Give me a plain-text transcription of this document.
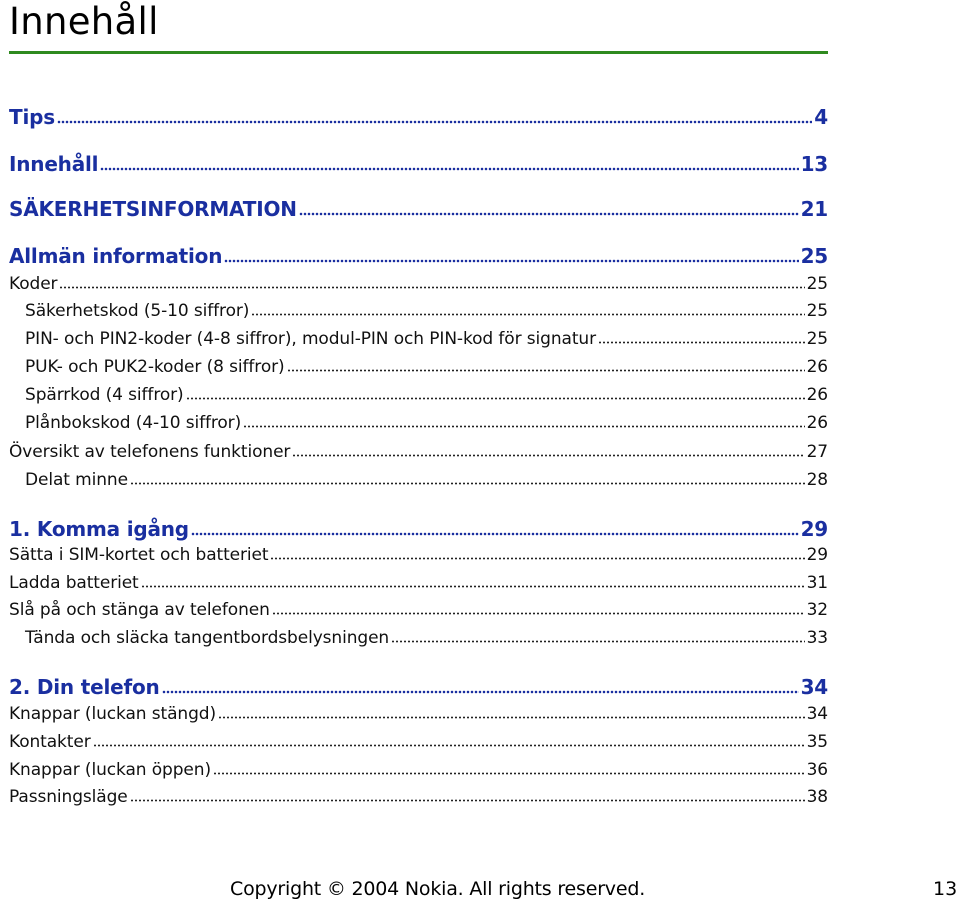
Innehåll
Tips	4
Innehåll	13
SÄKERHETSINFORMATION	21
Allmän information	25
Koder	25
Säkerhetskod (5-10 siffror)	25
PIN- och PIN2-koder (4-8 siffror), modul-PIN och PIN-kod för signatur	25
PUK- och PUK2-koder (8 siffror)	26
Spärrkod (4 siffror)	26
Plånbokskod (4-10 siffror)	26
Översikt av telefonens funktioner	27
Delat minne	28
1. Komma igång	29
Sätta i SIM-kortet och batteriet	29
Ladda batteriet	31
Slå på och stänga av telefonen	32
Tända och släcka tangentbordsbelysningen	33
2. Din telefon	34
Knappar (luckan stängd)	34
Kontakter	35
Knappar (luckan öppen)	36
Passningsläge	38
Copyright © 2004 Nokia. All rights reserved.	13
